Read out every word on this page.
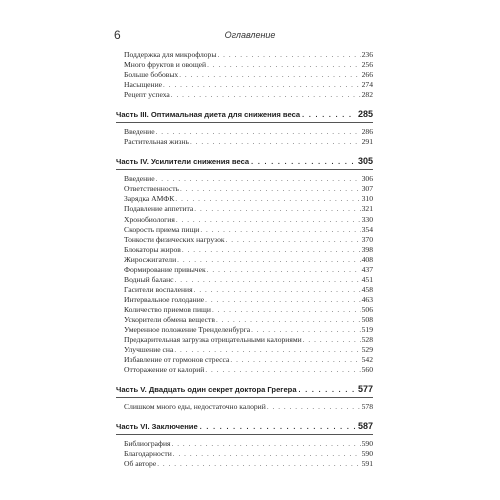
6	Оглавление
Поддержка для микрофлоры . . .	236
Много фруктов и овощей . . .	256
Больше бобовых . . .	266
Насыщение . . .	274
Рецепт успеха . . .	282
Часть III. Оптимальная диета для снижения веса . . .	285
Введение . . .	286
Растительная жизнь . . .	291
Часть IV. Усилители снижения веса . . .	305
Введение . . .	306
Ответственность . . .	307
Зарядка АМФК . . .	310
Подавление аппетита . . .	321
Хронобиология . . .	330
Скорость приема пищи . . .	354
Тонкости физических нагрузок . . .	370
Блокаторы жиров . . .	398
Жиросжигатели . . .	408
Формирование привычек . . .	437
Водный баланс . . .	451
Гасители воспаления . . .	458
Интервальное голодание . . .	463
Количество приемов пищи . . .	506
Ускорители обмена веществ . . .	508
Умеренное положение Тренделенбурга . . .	519
Предкарительная загрузка отрицательными калориями . . .	528
Улучшение сна . . .	529
Избавление от гормонов стресса . . .	542
Отторажение от калорий . . .	560
Часть V. Двадцать один секрет доктора Грегера . . .	577
Слишком много еды, недостаточно калорий . . .	578
Часть VI. Заключение . . .	587
Библиография . . .	590
Благодарности . . .	590
Об авторе . . .	591
